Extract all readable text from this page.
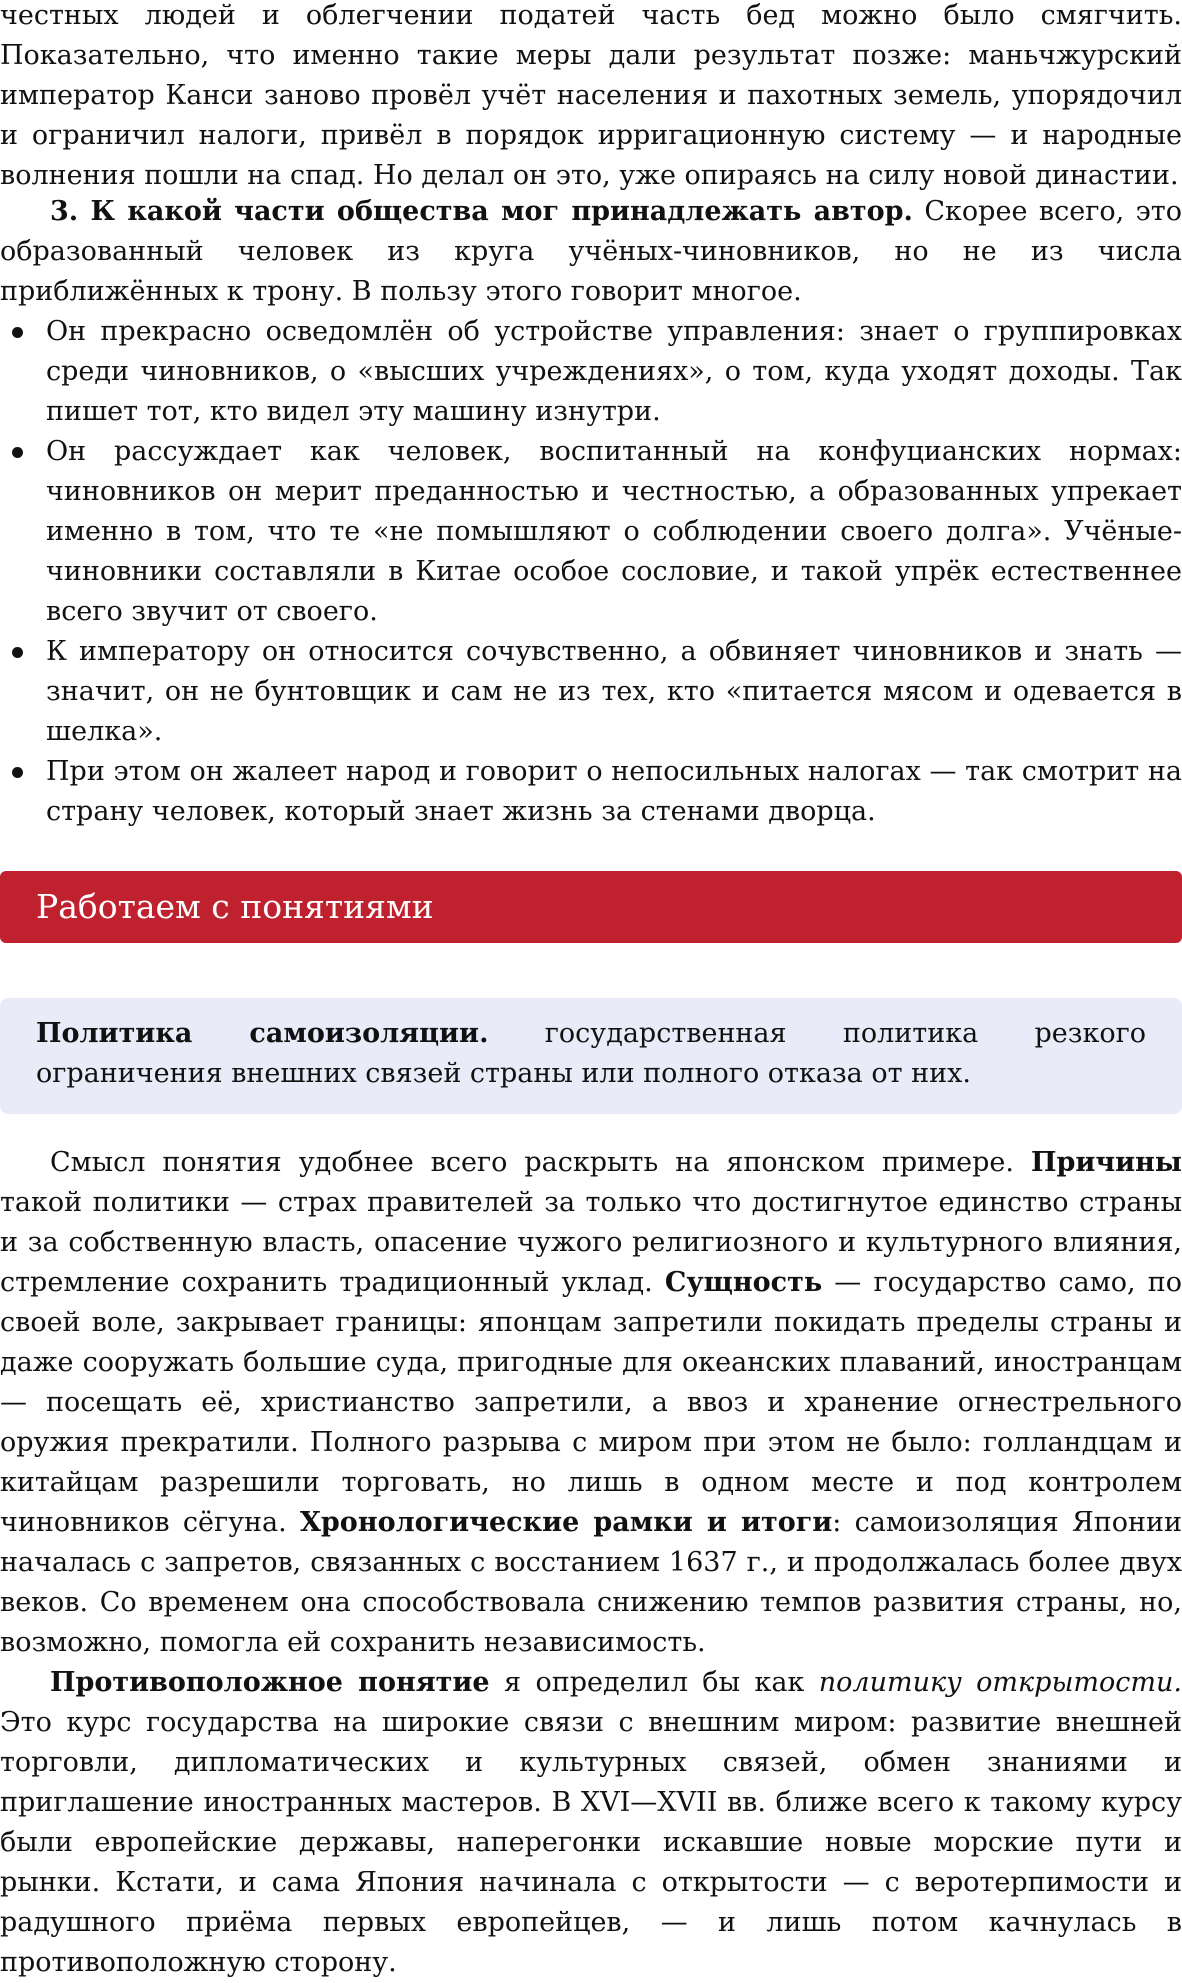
честных людей и облегчении податей часть бед можно было смягчить. Показательно, что именно такие меры дали результат позже: маньчжурский император Канси заново провёл учёт населения и пахотных земель, упорядочил и ограничил налоги, привёл в порядок ирригационную систему — и народные волнения пошли на спад. Но делал он это, уже опираясь на силу новой династии.

3. К какой части общества мог принадлежать автор. Скорее всего, это образованный человек из круга учёных-чиновников, но не из числа приближённых к трону. В пользу этого говорит многое.

Он прекрасно осведомлён об устройстве управления: знает о группировках среди чиновников, о «высших учреждениях», о том, куда уходят доходы. Так пишет тот, кто видел эту машину изнутри.
Он рассуждает как человек, воспитанный на конфуцианских нормах: чиновников он мерит преданностью и честностью, а образованных упрекает именно в том, что те «не помышляют о соблюдении своего долга». Учёные-чиновники составляли в Китае особое сословие, и такой упрёк естественнее всего звучит от своего.
К императору он относится сочувственно, а обвиняет чиновников и знать — значит, он не бунтовщик и сам не из тех, кто «питается мясом и одевается в шелка».
При этом он жалеет народ и говорит о непосильных налогах — так смотрит на страну человек, который знает жизнь за стенами дворца.
Работаем с понятиями

Политика самоизоляции. государственная политика резкого ограничения внешних связей страны или полного отказа от них.

Смысл понятия удобнее всего раскрыть на японском примере. Причины такой политики — страх правителей за только что достигнутое единство страны и за собственную власть, опасение чужого религиозного и культурного влияния, стремление сохранить традиционный уклад. Сущность — государство само, по своей воле, закрывает границы: японцам запретили покидать пределы страны и даже сооружать большие суда, пригодные для океанских плаваний, иностранцам — посещать её, христианство запретили, а ввоз и хранение огнестрельного оружия прекратили. Полного разрыва с миром при этом не было: голландцам и китайцам разрешили торговать, но лишь в одном месте и под контролем чиновников сёгуна. Хронологические рамки и итоги: самоизоляция Японии началась с запретов, связанных с восстанием 1637 г., и продолжалась более двух веков. Со временем она способствовала снижению темпов развития страны, но, возможно, помогла ей сохранить независимость.

Противоположное понятие я определил бы как политику открытости. Это курс государства на широкие связи с внешним миром: развитие внешней торговли, дипломатических и культурных связей, обмен знаниями и приглашение иностранных мастеров. В XVI—XVII вв. ближе всего к такому курсу были европейские державы, наперегонки искавшие новые морские пути и рынки. Кстати, и сама Япония начинала с открытости — с веротерпимости и радушного приёма первых европейцев, — и лишь потом качнулась в противоположную сторону.
